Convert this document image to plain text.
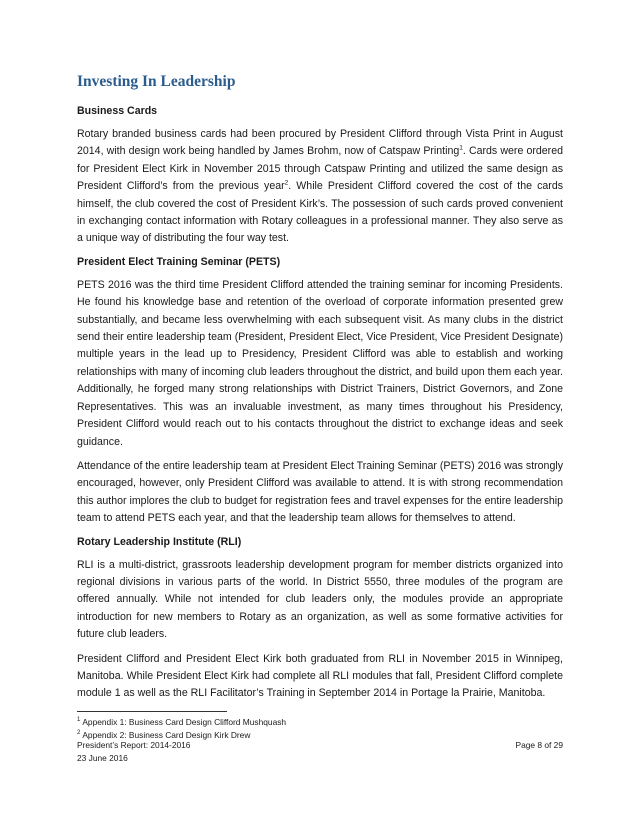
Investing In Leadership
Business Cards

Rotary branded business cards had been procured by President Clifford through Vista Print in August 2014, with design work being handled by James Brohm, now of Catspaw Printing$^1$. Cards were ordered for President Elect Kirk in November 2015 through Catspaw Printing and utilized the same design as President Clifford’s from the previous year$^2$. While President Clifford covered the cost of the cards himself, the club covered the cost of President Kirk’s. The possession of such cards proved convenient in exchanging contact information with Rotary colleagues in a professional manner. They also serve as a unique way of distributing the four way test.

President Elect Training Seminar (PETS)

PETS 2016 was the third time President Clifford attended the training seminar for incoming Presidents. He found his knowledge base and retention of the overload of corporate information presented grew substantially, and became less overwhelming with each subsequent visit. As many clubs in the district send their entire leadership team (President, President Elect, Vice President, Vice President Designate) multiple years in the lead up to Presidency, President Clifford was able to establish and working relationships with many of incoming club leaders throughout the district, and build upon them each year. Additionally, he forged many strong relationships with District Trainers, District Governors, and Zone Representatives. This was an invaluable investment, as many times throughout his Presidency, President Clifford would reach out to his contacts throughout the district to exchange ideas and seek guidance.

Attendance of the entire leadership team at President Elect Training Seminar (PETS) 2016 was strongly encouraged, however, only President Clifford was available to attend. It is with strong recommendation this author implores the club to budget for registration fees and travel expenses for the entire leadership team to attend PETS each year, and that the leadership team allows for themselves to attend.

Rotary Leadership Institute (RLI)

RLI is a multi-district, grassroots leadership development program for member districts organized into regional divisions in various parts of the world. In District 5550, three modules of the program are offered annually. While not intended for club leaders only, the modules provide an appropriate introduction for new members to Rotary as an organization, as well as some formative activities for future club leaders.

President Clifford and President Elect Kirk both graduated from RLI in November 2015 in Winnipeg, Manitoba. While President Elect Kirk had complete all RLI modules that fall, President Clifford complete module 1 as well as the RLI Facilitator’s Training in September 2014 in Portage la Prairie, Manitoba.

$^1$ Appendix 1: Business Card Design Clifford Mushquash
$^2$ Appendix 2: Business Card Design Kirk Drew
President’s Report: 2014-2016	Page 8 of 29
23 June 2016
